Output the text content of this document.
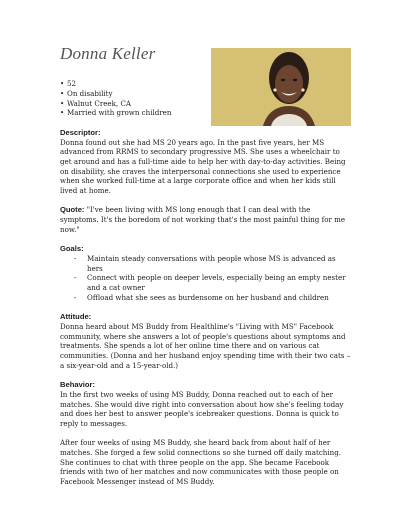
Donna Keller
• 52
• On disability
• Walnut Creek, CA
• Married with grown children
Descriptor:

Donna found out she had MS 20 years ago. In the past five years, her MS advanced from RRMS to secondary progressive MS. She uses a wheelchair to get around and has a full-time aide to help her with day-to-day activities. Being on disability, she craves the interpersonal connections she used to experience when she worked full-time at a large corporate office and when her kids still lived at home.

Quote: "I've been living with MS long enough that I can deal with the symptoms. It's the boredom of not working that's the most painful thing for me now."

Goals:
- Maintain steady conversations with people whose MS is advanced as hers
- Connect with people on deeper levels, especially being an empty nester and a cat owner
- Offload what she sees as burdensome on her husband and children
Attitude:

Donna heard about MS Buddy from Healthline's "Living with MS" Facebook community, where she answers a lot of people's questions about symptoms and treatments. She spends a lot of her online time there and on various cat communities. (Donna and her husband enjoy spending time with their two cats – a six-year-old and a 15-year-old.)

Behavior:

In the first two weeks of using MS Buddy, Donna reached out to each of her matches. She would dive right into conversation about how she's feeling today and does her best to answer people's icebreaker questions. Donna is quick to reply to messages.

After four weeks of using MS Buddy, she heard back from about half of her matches. She forged a few solid connections so she turned off daily matching. She continues to chat with three people on the app. She became Facebook friends with two of her matches and now communicates with those people on Facebook Messenger instead of MS Buddy.
